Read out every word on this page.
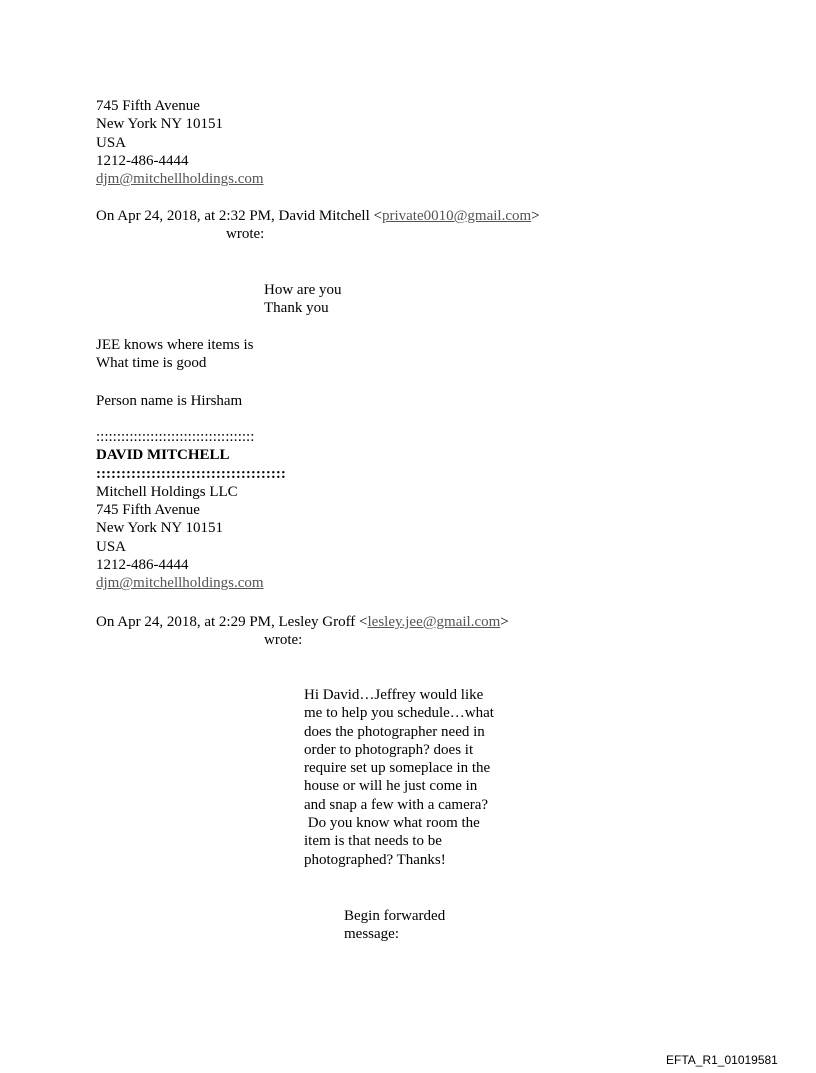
745 Fifth Avenue
New York NY 10151
USA
1212-486-4444
djm@mitchellholdings.com
On Apr 24, 2018, at 2:32 PM, David Mitchell <private0010@gmail.com>
wrote:
How are you
Thank you
JEE knows where items is
What time is good
Person name is Hirsham
::::::::::::::::::::::::::::::::::::::
DAVID MITCHELL
::::::::::::::::::::::::::::::::::::::
Mitchell Holdings LLC
745 Fifth Avenue
New York NY 10151
USA
1212-486-4444
djm@mitchellholdings.com
On Apr 24, 2018, at 2:29 PM, Lesley Groff <lesley.jee@gmail.com>
wrote:
Hi David…Jeffrey would like
me to help you schedule…what
does the photographer need in
order to photograph? does it
require set up someplace in the
house or will he just come in
and snap a few with a camera?
Do you know what room the
item is that needs to be
photographed? Thanks!
Begin forwarded
message:
EFTA_R1_01019581
